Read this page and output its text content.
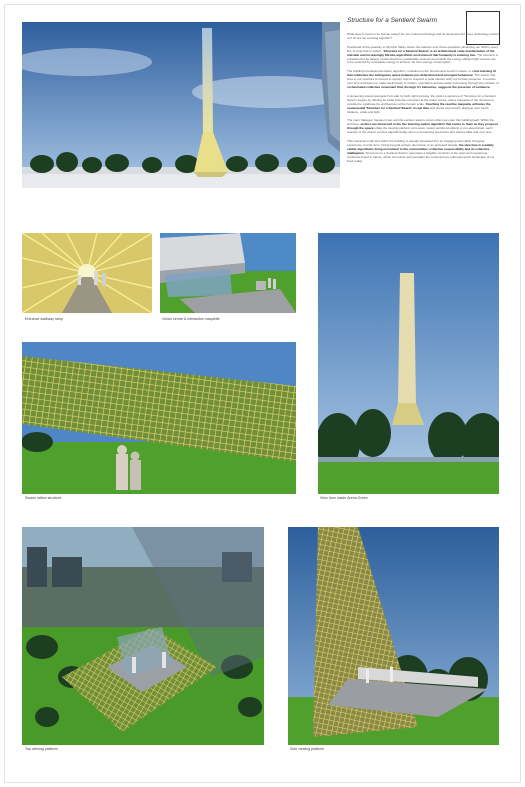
Structure for a Sentient Swarm

What does it mean to be human today? Do we control technology and its development? Does technology control us? Or are we evolving together?

Positioned at the gateway to Olympic Valley where the stations over these questions. Exploring our shift in every line of code that is written, 'Structure for a Sentient Swarm' is an architectural scale manifestation of the invisible and increasingly life-like algorithmic environment that humanity is entering into. The structure is envisioned to be largely constructed from sustainably sourced wood while the energy efficient light sources are to be powered by renewable energy to achieve net zero energy consumption.

The building's behavioural swarm algorithm, modelled on the phenomena found in nature, is a live learning AI that celebrates the ambiguous space between pre-determined and emergent behaviour. The swarm that lives in our structure is curious to explore how to respond to (and interact with) our human presence. It evolves over time and learns to make itself known to visitors, spectators and the wider community through the medium of orchestrated collective movement that, through it's behaviour, suggests the presence of sentience.

A pioneering visual spectacle from afar by both night and day, the visitor experience of 'Structure for a Sentient Swarm' begins by offering an initial intimate encounter at the visitor centre, with a maquette of the structure is provided to celebrate the architecture at the human scale. Touching the reactive maquette activates the monumental 'Structure for a Sentient Swarm' in real time and shows asymmetric dialogue over touch, distance, scale and light.

The main 'dialogue' between man and the sentient swarm occurs when we enter the building itself. Within the structure, visitors are immersed in the live learning swarm algorithm that reacts to them as they progress through the space unlike the viewing platform at its apex, newer peripheral effects or pre-determined, each reaction of the swarm evolves algorithmically when encountering spectators and visitors alike and over time.

This interaction with and within the building is visually translated into an engaging and subtly changing experience of a life-form. Doing beyond surface decoration or an animated facade, the structure is a widely visible algorithmic living monument to the communities' collective responsibility and its collective intelligence. 'Structure for a Sentient Swarm' generates a tangible reminder of the quiet and mysterious symbiosis found in nature, which surrounds and pervades the contemporary anthropocentric landscape of our lived reality.

Entrance walkway ramp	Visitor centre & interactive maquette
Swarm lattice structure	View from inside Arena Green
Top viewing platform	Side viewing platform
